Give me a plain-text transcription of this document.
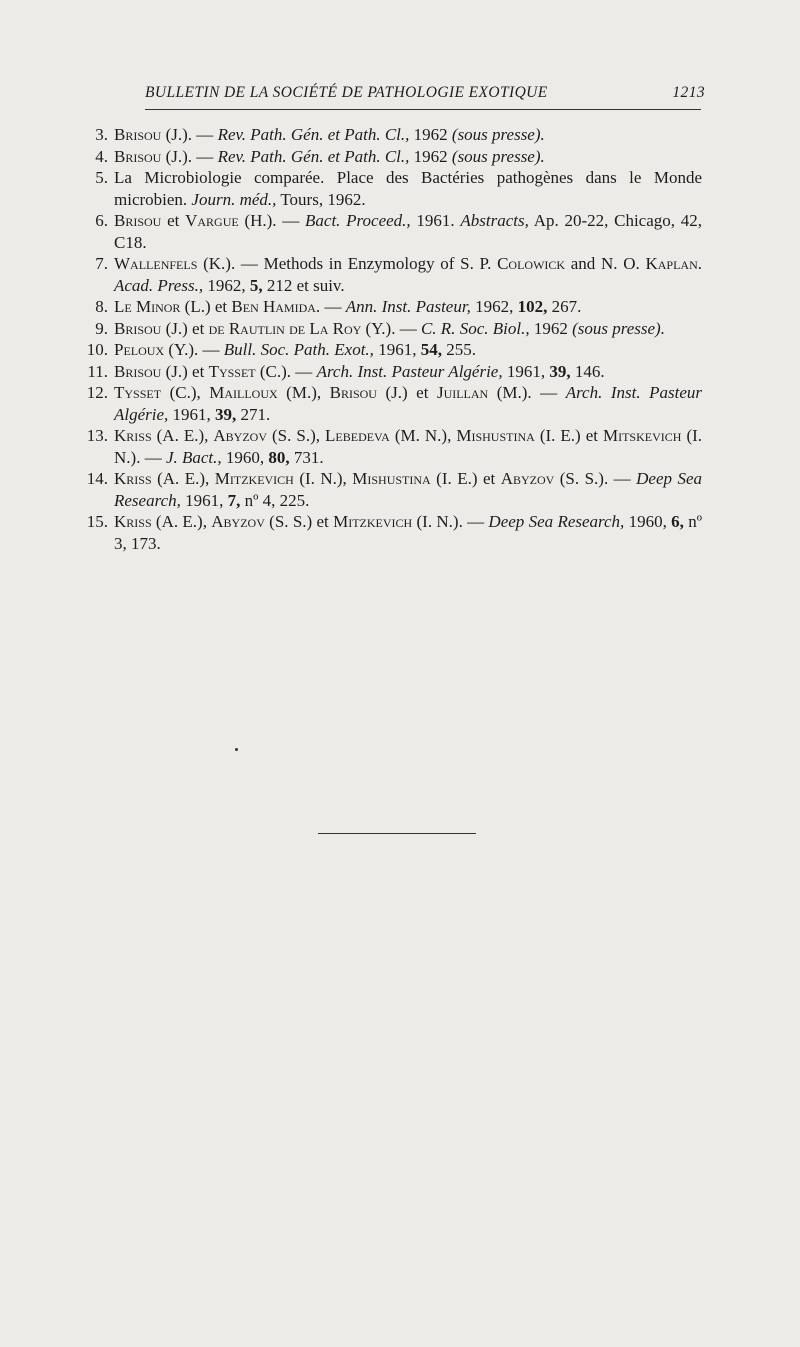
BULLETIN DE LA SOCIÉTÉ DE PATHOLOGIE EXOTIQUE	1213
3. Brisou (J.). — Rev. Path. Gén. et Path. Cl., 1962 (sous presse).
4. Brisou (J.). — Rev. Path. Gén. et Path. Cl., 1962 (sous presse).
5. La Microbiologie comparée. Place des Bactéries pathogènes dans le Monde microbien. Journ. méd., Tours, 1962.
6. Brisou et Vargue (H.). — Bact. Proceed., 1961. Abstracts, Ap. 20-22, Chicago, 42, C18.
7. Wallenfels (K.). — Methods in Enzymology of S. P. Colowick and N. O. Kaplan. Acad. Press., 1962, 5, 212 et suiv.
8. Le Minor (L.) et Ben Hamida. — Ann. Inst. Pasteur, 1962, 102, 267.
9. Brisou (J.) et de Rautlin de La Roy (Y.). — C. R. Soc. Biol., 1962 (sous presse).
10. Peloux (Y.). — Bull. Soc. Path. Exot., 1961, 54, 255.
11. Brisou (J.) et Tysset (C.). — Arch. Inst. Pasteur Algérie, 1961, 39, 146.
12. Tysset (C.), Mailloux (M.), Brisou (J.) et Juillan (M.). — Arch. Inst. Pasteur Algérie, 1961, 39, 271.
13. Kriss (A. E.), Abyzov (S. S.), Lebedeva (M. N.), Mishustina (I. E.) et Mitskevich (I. N.). — J. Bact., 1960, 80, 731.
14. Kriss (A. E.), Mitzkevich (I. N.), Mishustina (I. E.) et Abyzov (S. S.). — Deep Sea Research, 1961, 7, nº 4, 225.
15. Kriss (A. E.), Abyzov (S. S.) et Mitzkevich (I. N.). — Deep Sea Research, 1960, 6, nº 3, 173.
